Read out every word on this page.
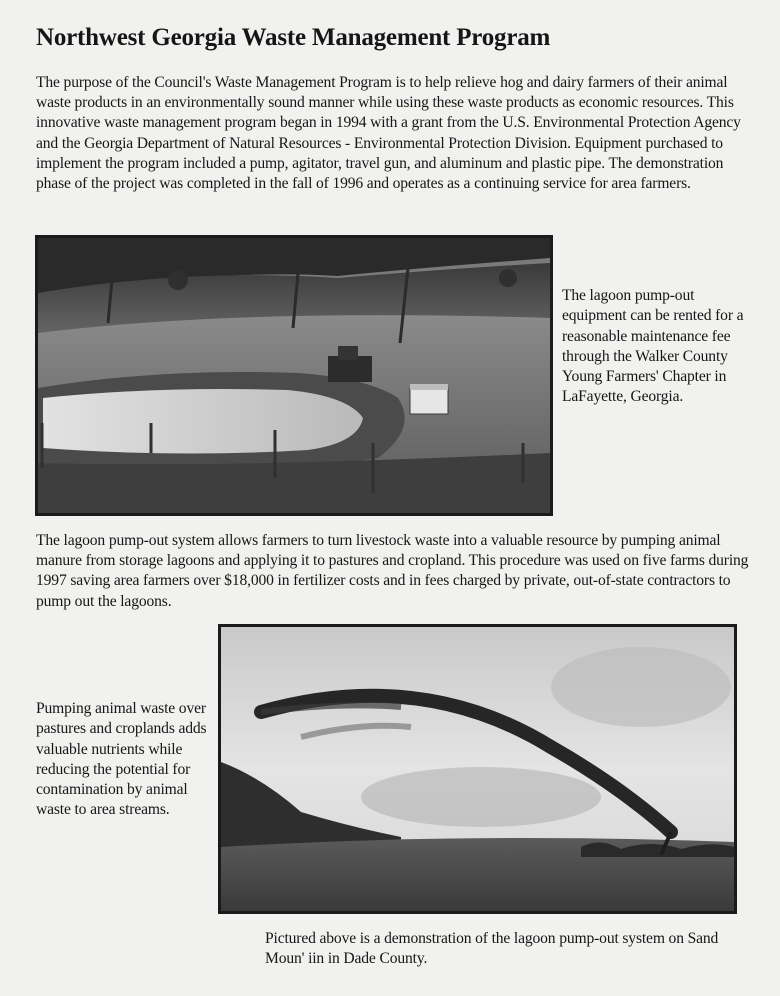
Northwest Georgia Waste Management Program

The purpose of the Council's Waste Management Program is to help relieve hog and dairy farmers of their animal waste products in an environmentally sound manner while using these waste products as economic resources. This innovative waste management program began in 1994 with a grant from the U.S. Environmental Protection Agency and the Georgia Department of Natural Resources - Environmental Protection Division. Equipment purchased to implement the program included a pump, agitator, travel gun, and aluminum and plastic pipe. The demonstration phase of the project was completed in the fall of 1996 and operates as a continuing service for area farmers.

The lagoon pump-out equipment can be rented for a reasonable maintenance fee through the Walker County Young Farmers' Chapter in LaFayette, Georgia.

The lagoon pump-out system allows farmers to turn livestock waste into a valuable resource by pumping animal manure from storage lagoons and applying it to pastures and cropland. This procedure was used on five farms during 1997 saving area farmers over $18,000 in fertilizer costs and in fees charged by private, out-of-state contractors to pump out the lagoons.

Pumping animal waste over pastures and croplands adds valuable nutrients while reducing the potential for contamination by animal waste to area streams.

Pictured above is a demonstration of the lagoon pump-out system on Sand Moun' iin in Dade County.
